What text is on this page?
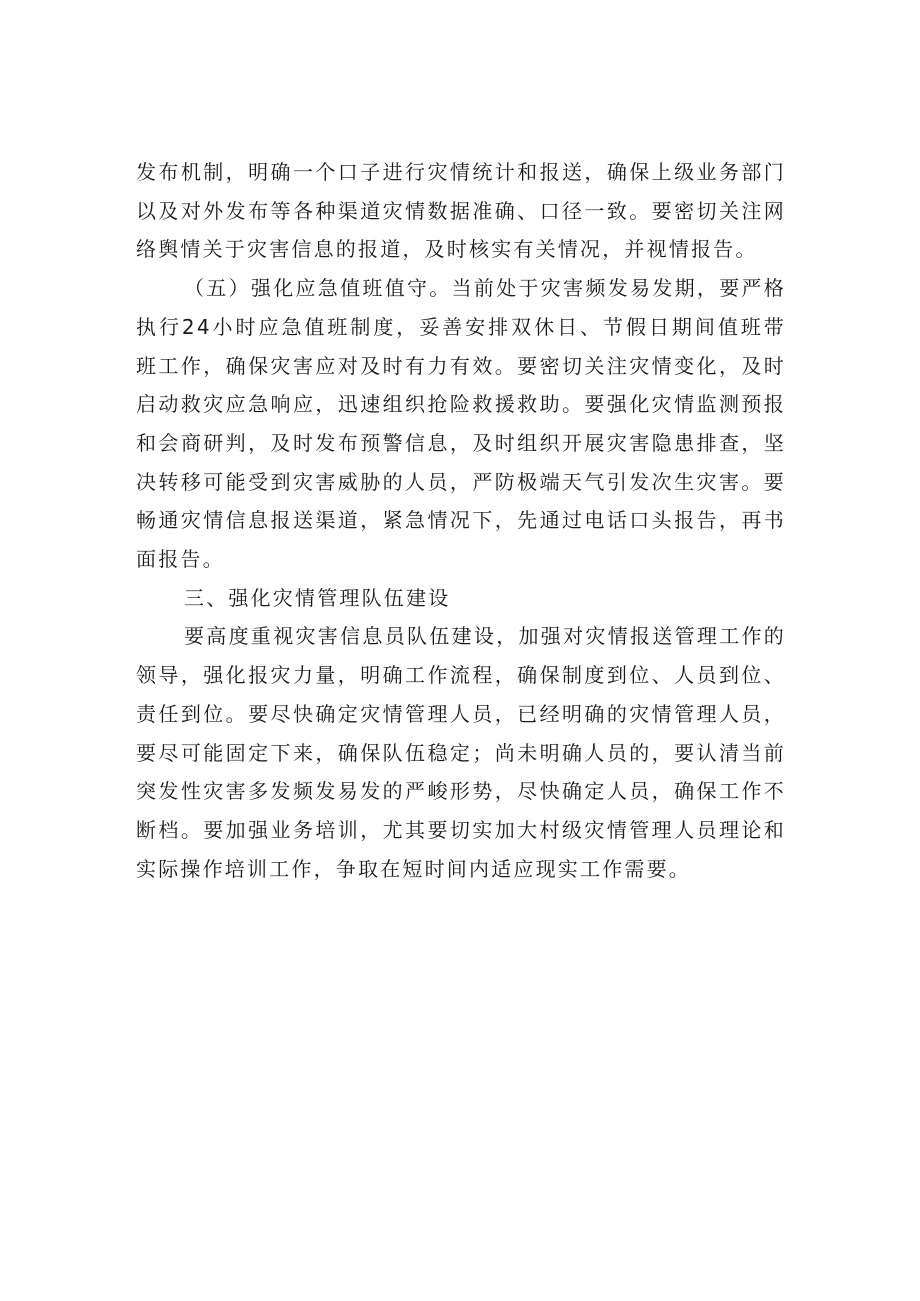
发布机制，明确一个口子进行灾情统计和报送，确保上级业务部门以及对外发布等各种渠道灾情数据准确、口径一致。要密切关注网络舆情关于灾害信息的报道，及时核实有关情况，并视情报告。

（五）强化应急值班值守。当前处于灾害频发易发期，要严格执行24小时应急值班制度，妥善安排双休日、节假日期间值班带班工作，确保灾害应对及时有力有效。要密切关注灾情变化，及时启动救灾应急响应，迅速组织抢险救援救助。要强化灾情监测预报和会商研判，及时发布预警信息，及时组织开展灾害隐患排查，坚决转移可能受到灾害威胁的人员，严防极端天气引发次生灾害。要畅通灾情信息报送渠道，紧急情况下，先通过电话口头报告，再书面报告。

三、强化灾情管理队伍建设

要高度重视灾害信息员队伍建设，加强对灾情报送管理工作的领导，强化报灾力量，明确工作流程，确保制度到位、人员到位、责任到位。要尽快确定灾情管理人员，已经明确的灾情管理人员，要尽可能固定下来，确保队伍稳定；尚未明确人员的，要认清当前突发性灾害多发频发易发的严峻形势，尽快确定人员，确保工作不断档。要加强业务培训，尤其要切实加大村级灾情管理人员理论和实际操作培训工作，争取在短时间内适应现实工作需要。
